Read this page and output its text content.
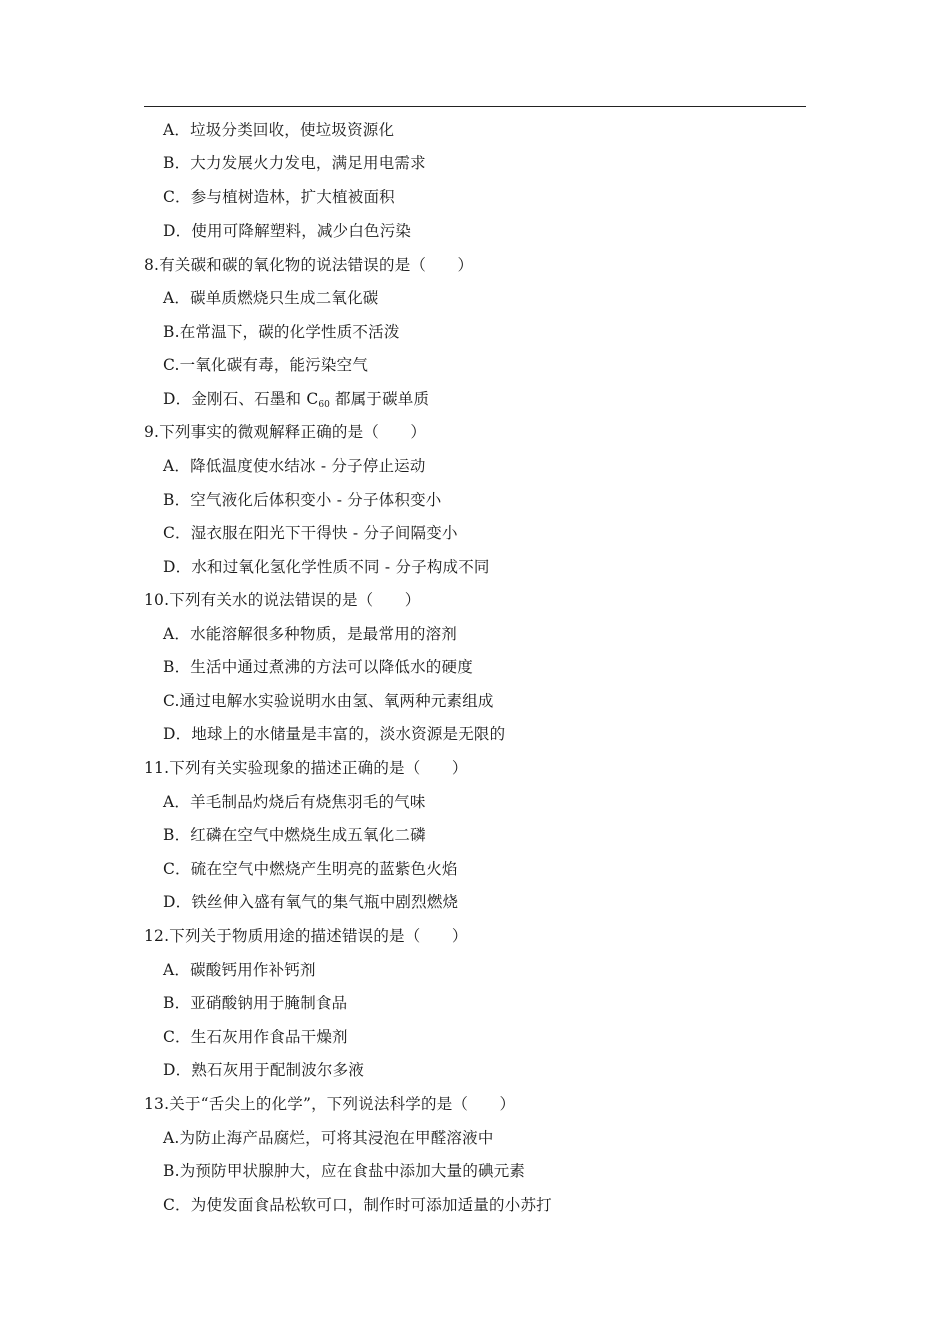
A．垃圾分类回收，使垃圾资源化
B．大力发展火力发电，满足用电需求
C．参与植树造林，扩大植被面积
D．使用可降解塑料，减少白色污染
8.有关碳和碳的氧化物的说法错误的是（　　）
A．碳单质燃烧只生成二氧化碳
B.在常温下，碳的化学性质不活泼
C.一氧化碳有毒，能污染空气
D．金刚石、石墨和 C60 都属于碳单质
9.下列事实的微观解释正确的是（　　）
A．降低温度使水结冰 - 分子停止运动
B．空气液化后体积变小 - 分子体积变小
C．湿衣服在阳光下干得快 - 分子间隔变小
D．水和过氧化氢化学性质不同 - 分子构成不同
10.下列有关水的说法错误的是（　　）
A．水能溶解很多种物质，是最常用的溶剂
B．生活中通过煮沸的方法可以降低水的硬度
C.通过电解水实验说明水由氢、氧两种元素组成
D．地球上的水储量是丰富的，淡水资源是无限的
11.下列有关实验现象的描述正确的是（　　）
A．羊毛制品灼烧后有烧焦羽毛的气味
B．红磷在空气中燃烧生成五氧化二磷
C．硫在空气中燃烧产生明亮的蓝紫色火焰
D．铁丝伸入盛有氧气的集气瓶中剧烈燃烧
12.下列关于物质用途的描述错误的是（　　）
A．碳酸钙用作补钙剂
B．亚硝酸钠用于腌制食品
C．生石灰用作食品干燥剂
D．熟石灰用于配制波尔多液
13.关于“舌尖上的化学”，下列说法科学的是（　　）
A.为防止海产品腐烂，可将其浸泡在甲醛溶液中
B.为预防甲状腺肿大，应在食盐中添加大量的碘元素
C．为使发面食品松软可口，制作时可添加适量的小苏打
